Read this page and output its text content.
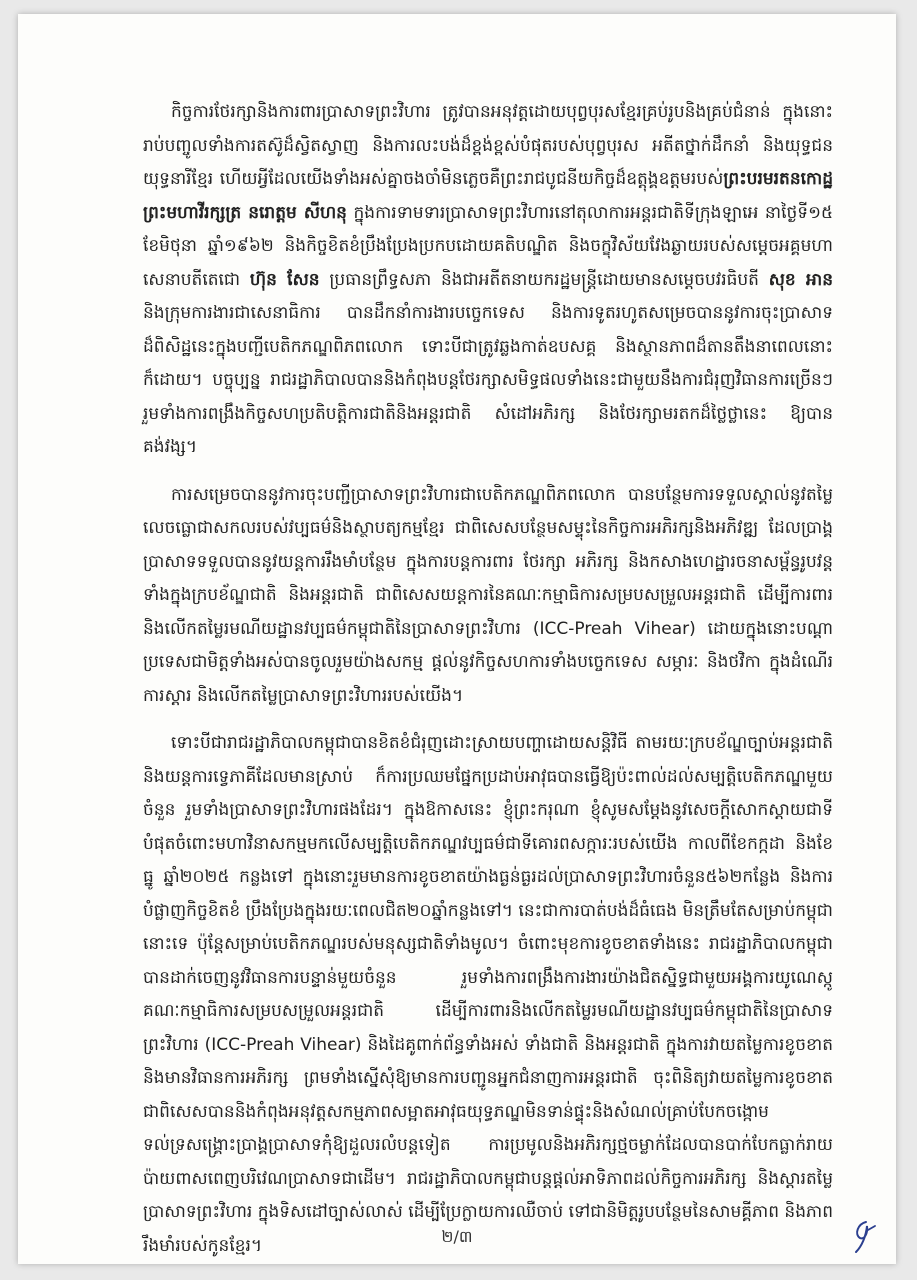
កិច្ចការថែរក្សានិងការពារប្រាសាទព្រះវិហារ ត្រូវបានអនុវត្តដោយបុព្វបុរសខ្មែរគ្រប់រូបនិងគ្រប់ជំនាន់ ក្នុងនោះរាប់បញ្ចូលទាំងការតស៊ូដ៏ស្វិតស្វាញ និងការលះបង់ដ៏ខ្ពង់ខ្ពស់បំផុតរបស់បុព្វបុរស អតីតថ្នាក់ដឹកនាំ និងយុទ្ធជន យុទ្ធនារីខ្មែរ ហើយអ្វីដែលយើងទាំងអស់គ្នាចងចាំមិនភ្លេចគឺព្រះរាជបូជនីយកិច្ចដ៏ឧត្តុង្គឧត្តមរបស់ព្រះបរមរតនកោដ្ឋ ព្រះមហាវីរក្សត្រ នរោត្តម សីហនុ ក្នុងការទាមទារប្រាសាទព្រះវិហារនៅតុលាការអន្តរជាតិទីក្រុងឡាអេ នាថ្ងៃទី១៥ ខែមិថុនា ឆ្នាំ១៩៦២ និងកិច្ចខិតខំប្រឹងប្រែងប្រកបដោយគតិបណ្ឌិត និងចក្ខុវិស័យវែងឆ្ងាយរបស់សម្ដេចអគ្គមហាសេនាបតីតេជោ ហ៊ុន សែន ប្រធានព្រឹទ្ធសភា និងជាអតីតនាយករដ្ឋមន្ត្រីដោយមានសម្ដេចបវរធិបតី សុខ អាន និងក្រុមការងារជាសេនាធិការ បានដឹកនាំការងារបច្ចេកទេស និងការទូតរហូតសម្រេចបាននូវការចុះប្រាសាទដ៏ពិសិដ្ឋនេះក្នុងបញ្ជីបេតិកភណ្ឌពិភពលោក ទោះបីជាត្រូវឆ្លងកាត់ឧបសគ្គ និងស្ថានភាពដ៏តានតឹងនាពេលនោះក៏ដោយ។ បច្ចុប្បន្ន រាជរដ្ឋាភិបាលបាននិងកំពុងបន្តថែរក្សាសមិទ្ធផលទាំងនេះជាមួយនឹងការជំរុញវិធានការច្រើនៗ រួមទាំងការពង្រឹងកិច្ចសហប្រតិបត្តិការជាតិនិងអន្តរជាតិ សំដៅអភិរក្ស និងថែរក្សាមរតកដ៏ថ្លៃថ្លានេះ ឱ្យបានគង់វង្ស។

ការសម្រេចបាននូវការចុះបញ្ជីប្រាសាទព្រះវិហារជាបេតិកភណ្ឌពិភពលោក បានបន្ថែមការទទួលស្គាល់នូវតម្លៃលេចធ្លោជាសកលរបស់វប្បធម៌និងស្ថាបត្យកម្មខ្មែរ ជាពិសេសបន្ថែមសម្ទុះនៃកិច្ចការអភិរក្សនិងអភិវឌ្ឍ ដែលប្រាង្គប្រាសាទទទួលបាននូវយន្តការរឹងមាំបន្ថែម ក្នុងការបន្តការពារ ថែរក្សា អភិរក្ស និងកសាងហេដ្ឋារចនាសម្ព័ន្ធរូបវន្តទាំងក្នុងក្របខ័ណ្ឌជាតិ និងអន្តរជាតិ ជាពិសេសយន្តការនៃគណៈកម្មាធិការសម្របសម្រួលអន្តរជាតិ ដើម្បីការពារនិងលើកតម្លៃរមណីយដ្ឋានវប្បធម៌កម្ពុជាតិនៃប្រាសាទព្រះវិហារ (ICC-Preah Vihear) ដោយក្នុងនោះបណ្ដាប្រទេសជាមិត្តទាំងអស់បានចូលរួមយ៉ាងសកម្ម ផ្ដល់នូវកិច្ចសហការទាំងបច្ចេកទេស សម្ភារៈ និងថវិកា ក្នុងដំណើរការស្ដារ និងលើកតម្លៃប្រាសាទព្រះវិហាររបស់យើង។

ទោះបីជារាជរដ្ឋាភិបាលកម្ពុជាបានខិតខំជំរុញដោះស្រាយបញ្ហាដោយសន្តិវិធី តាមរយៈក្របខ័ណ្ឌច្បាប់អន្តរជាតិ និងយន្តការទ្វេភាគីដែលមានស្រាប់ ក៏ការប្រឈមផ្នែកប្រដាប់អាវុធបានធ្វើឱ្យប៉ះពាល់ដល់សម្បត្តិបេតិកភណ្ឌមួយចំនួន រួមទាំងប្រាសាទព្រះវិហារផងដែរ។ ក្នុងឱកាសនេះ ខ្ញុំព្រះករុណា ខ្ញុំសូមសម្ដែងនូវសេចក្ដីសោកស្ដាយជាទីបំផុតចំពោះមហាវិនាសកម្មមកលើសម្បត្តិបេតិកភណ្ឌវប្បធម៌ជាទីគោរពសក្ការៈរបស់យើង កាលពីខែកក្កដា និងខែធ្នូ ឆ្នាំ២០២៥ កន្លងទៅ ក្នុងនោះរួមមានការខូចខាតយ៉ាងធ្ងន់ធ្ងរដល់ប្រាសាទព្រះវិហារចំនួន៥៦២កន្លែង និងការបំផ្លាញកិច្ចខិតខំ ប្រឹងប្រែងក្នុងរយៈពេលជិត២០ឆ្នាំកន្លងទៅ។ នេះជាការបាត់បង់ដ៏ធំធេង មិនត្រឹមតែសម្រាប់កម្ពុជានោះទេ ប៉ុន្តែសម្រាប់បេតិកភណ្ឌរបស់មនុស្សជាតិទាំងមូល។ ចំពោះមុខការខូចខាតទាំងនេះ រាជរដ្ឋាភិបាលកម្ពុជាបានដាក់ចេញនូវវិធានការបន្ទាន់មួយចំនួន រួមទាំងការពង្រឹងការងារយ៉ាងជិតស្និទ្ធជាមួយអង្គការយូណេស្កូ គណៈកម្មាធិការសម្របសម្រួលអន្តរជាតិ ដើម្បីការពារនិងលើកតម្លៃរមណីយដ្ឋានវប្បធម៌កម្ពុជាតិនៃប្រាសាទព្រះវិហារ (ICC-Preah Vihear) និងដៃគូពាក់ព័ន្ធទាំងអស់ ទាំងជាតិ និងអន្តរជាតិ ក្នុងការវាយតម្លៃការខូចខាត និងមានវិធានការអភិរក្ស ព្រមទាំងស្នើសុំឱ្យមានការបញ្ជូនអ្នកជំនាញការអន្តរជាតិ ចុះពិនិត្យវាយតម្លៃការខូចខាត ជាពិសេសបាននិងកំពុងអនុវត្តសកម្មភាពសម្អាតអាវុធយុទ្ធភណ្ឌមិនទាន់ផ្ទុះនិងសំណល់គ្រាប់បែកចង្កោម ទល់ទ្រសង្គ្រោះប្រាង្គប្រាសាទកុំឱ្យដួលរលំបន្តទៀត ការប្រមូលនិងអភិរក្សថ្មចម្លាក់ដែលបានបាក់បែកធ្លាក់រាយប៉ាយពាសពេញបរិវេណប្រាសាទជាដើម។ រាជរដ្ឋាភិបាលកម្ពុជាបន្តផ្ដល់អាទិភាពដល់កិច្ចការអភិរក្ស និងស្ដារតម្លៃប្រាសាទព្រះវិហារ ក្នុងទិសដៅច្បាស់លាស់ ដើម្បីប្រែក្លាយការឈឺចាប់ ទៅជានិមិត្តរូបបន្ថែមនៃសាមគ្គីភាព និងភាពរឹងមាំរបស់កូនខ្មែរ។	២/៣
